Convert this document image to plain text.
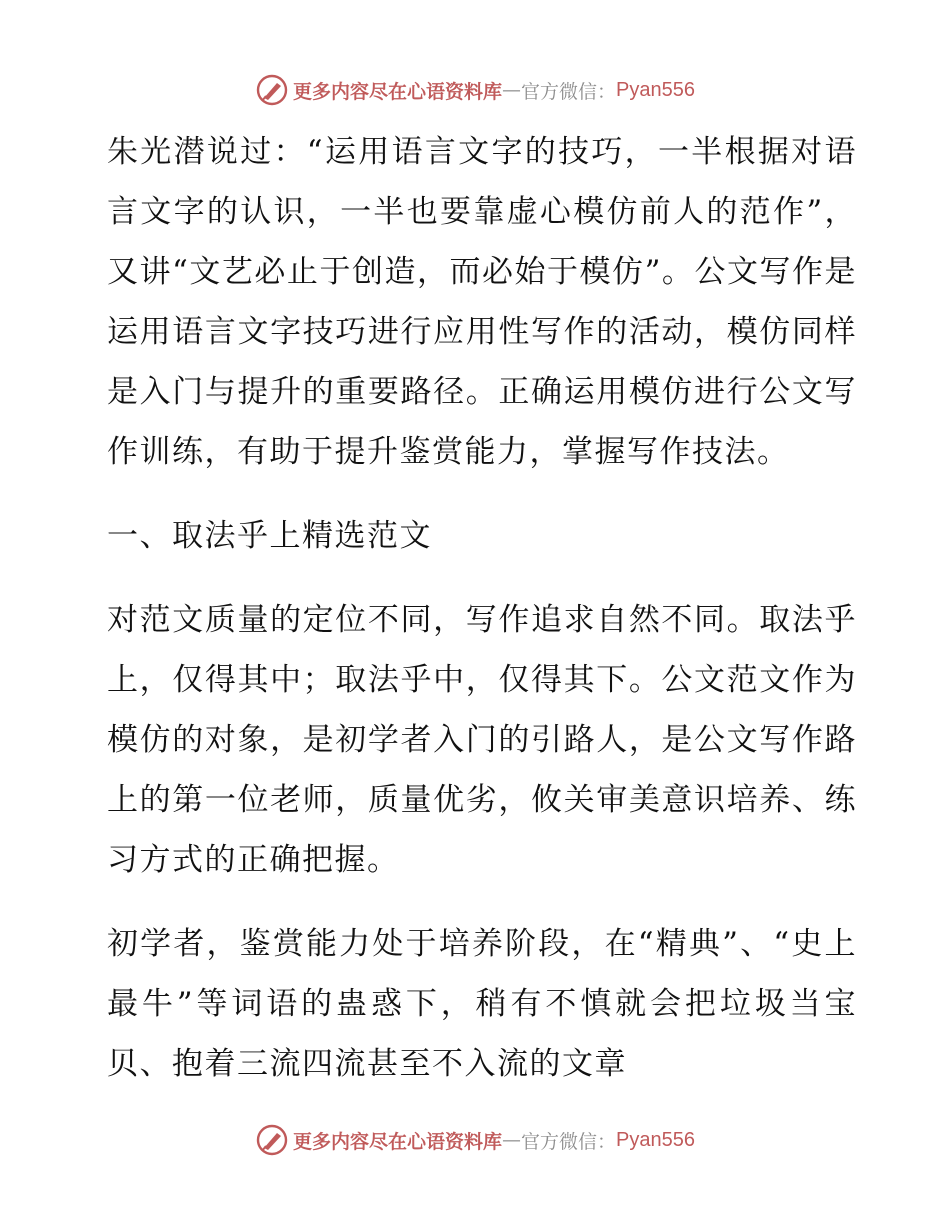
更多内容尽在心语资料库 — 官方微信： Pyan556

朱光潜说过：“运用语言文字的技巧，一半根据对语言文字的认识，一半也要靠虚心模仿前人的范作”，又讲“文艺必止于创造，而必始于模仿”。公文写作是运用语言文字技巧进行应用性写作的活动，模仿同样是入门与提升的重要路径。正确运用模仿进行公文写作训练，有助于提升鉴赏能力，掌握写作技法。

一、取法乎上精选范文

对范文质量的定位不同，写作追求自然不同。取法乎上，仅得其中；取法乎中，仅得其下。公文范文作为模仿的对象，是初学者入门的引路人，是公文写作路上的第一位老师，质量优劣，攸关审美意识培养、练习方式的正确把握。

初学者，鉴赏能力处于培养阶段，在“精典”、“史上最牛”等词语的蛊惑下，稍有不慎就会把垃圾当宝贝、抱着三流四流甚至不入流的文章

更多内容尽在心语资料库 — 官方微信： Pyan556
